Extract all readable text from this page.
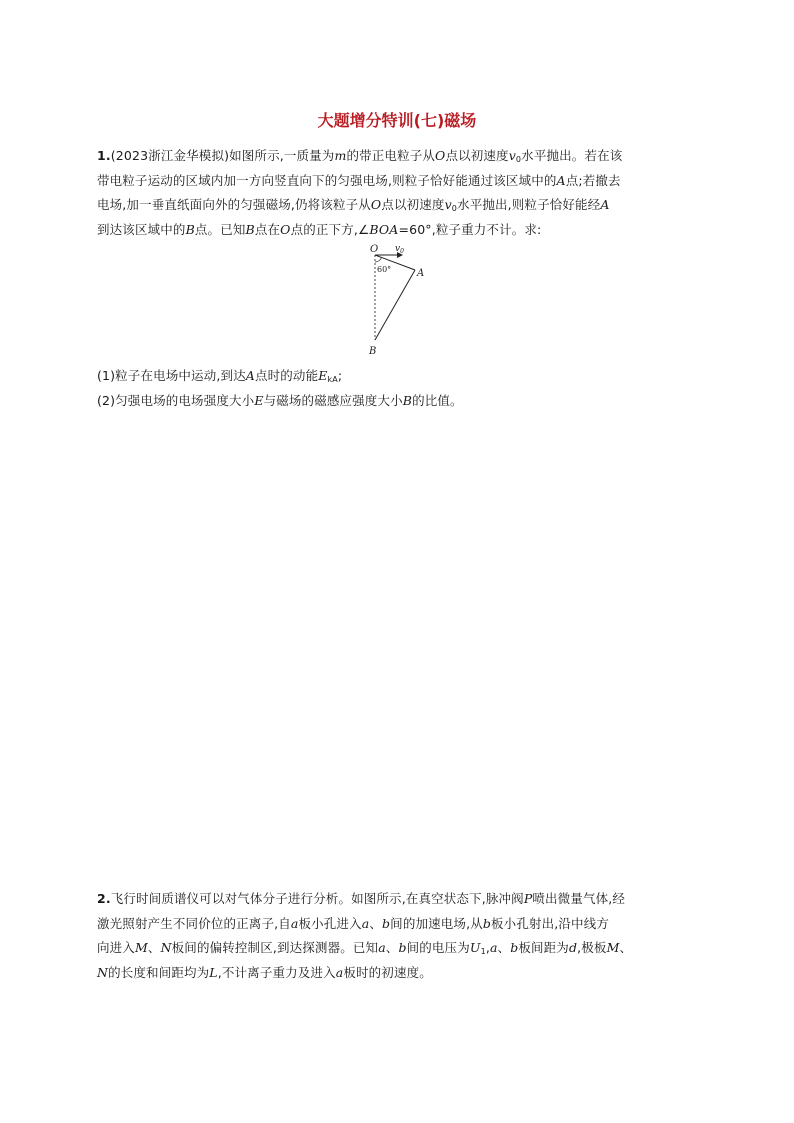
大题增分特训(七)磁场
1.(2023浙江金华模拟)如图所示,一质量为m的带正电粒子从O点以初速度$v_0$水平抛出。若在该
带电粒子运动的区域内加一方向竖直向下的匀强电场,则粒子恰好能通过该区域中的A点;若撤去
电场,加一垂直纸面向外的匀强磁场,仍将该粒子从O点以初速度$v_0$水平抛出,则粒子恰好能经A
到达该区域中的B点。已知B点在O点的正下方,∠BOA=60°,粒子重力不计。求:
O $v_0$
60°	A
B
(1)粒子在电场中运动,到达A点时的动能$E_{kA}$;
(2)匀强电场的电场强度大小E与磁场的磁感应强度大小B的比值。
2.飞行时间质谱仪可以对气体分子进行分析。如图所示,在真空状态下,脉冲阀P喷出微量气体,经
激光照射产生不同价位的正离子,自a板小孔进入a、b间的加速电场,从b板小孔射出,沿中线方
向进入M、N板间的偏转控制区,到达探测器。已知a、b间的电压为$U_1,a$、b板间距为d,极板M、
N的长度和间距均为L,不计离子重力及进入a板时的初速度。
